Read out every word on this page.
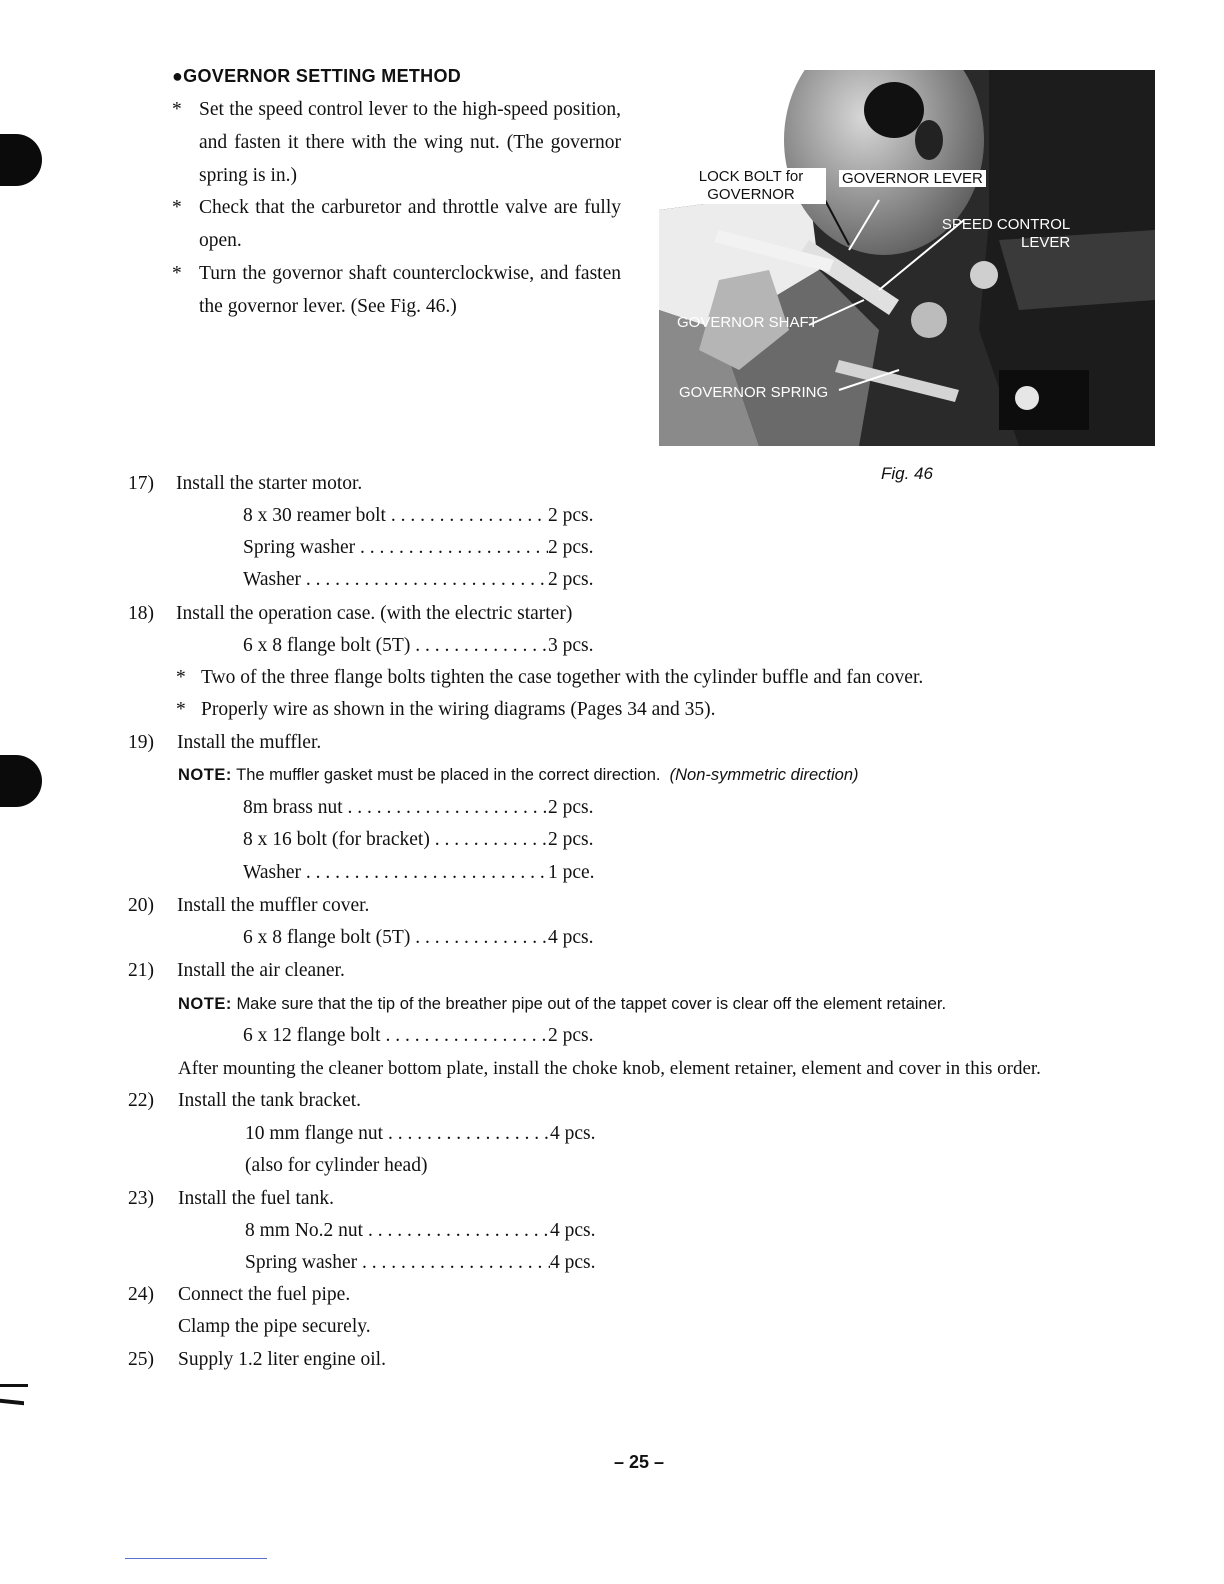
●GOVERNOR SETTING METHOD
* Set the speed control lever to the high-speed position, and fasten it there with the wing nut. (The governor spring is in.)
* Check that the carburetor and throttle valve are fully open.
* Turn the governor shaft counterclockwise, and fasten the governor lever. (See Fig. 46.)
LOCK BOLT for
GOVERNOR
GOVERNOR LEVER
SPEED CONTROL
LEVER
GOVERNOR SHAFT
GOVERNOR SPRING
Fig. 46
17)	Install the starter motor.
8 x 30 reamer bolt . . .	2 pcs.
Spring washer . . .	2 pcs.
Washer . . .	2 pcs.
18)	Install the operation case. (with the electric starter)
6 x 8 flange bolt (5T) . . .	3 pcs.
* Two of the three flange bolts tighten the case together with the cylinder buffle and fan cover.
* Properly wire as shown in the wiring diagrams (Pages 34 and 35).
19)	Install the muffler.
NOTE: The muffler gasket must be placed in the correct direction. (Non-symmetric direction)
8m brass nut . . .	2 pcs.
8 x 16 bolt (for bracket) . . .	2 pcs.
Washer . . .	1 pce.
20)	Install the muffler cover.
6 x 8 flange bolt (5T) . . .	4 pcs.
21)	Install the air cleaner.
NOTE: Make sure that the tip of the breather pipe out of the tappet cover is clear off the element retainer.
6 x 12 flange bolt . . .	2 pcs.
After mounting the cleaner bottom plate, install the choke knob, element retainer, element and cover in this order.
22)	Install the tank bracket.
10 mm flange nut . . .	4 pcs.
(also for cylinder head)
23)	Install the fuel tank.
8 mm No.2 nut . . .	4 pcs.
Spring washer . . .	4 pcs.
24)	Connect the fuel pipe.
Clamp the pipe securely.
25)	Supply 1.2 liter engine oil.
– 25 –
